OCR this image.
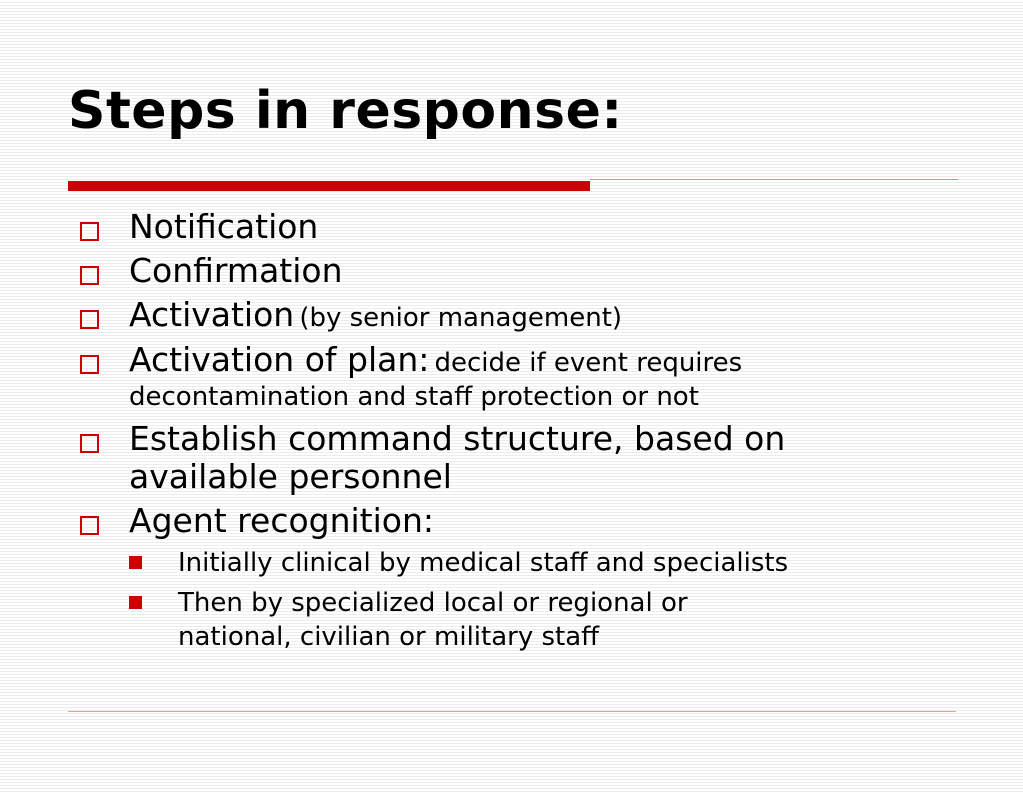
Steps in response:
Notification
Confirmation
Activation (by senior management)
Activation of plan: decide if event requires
decontamination and staff protection or not
Establish command structure, based on
available personnel
Agent recognition:
Initially clinical by medical staff and specialists
Then by specialized local or regional or
national, civilian or military staff
